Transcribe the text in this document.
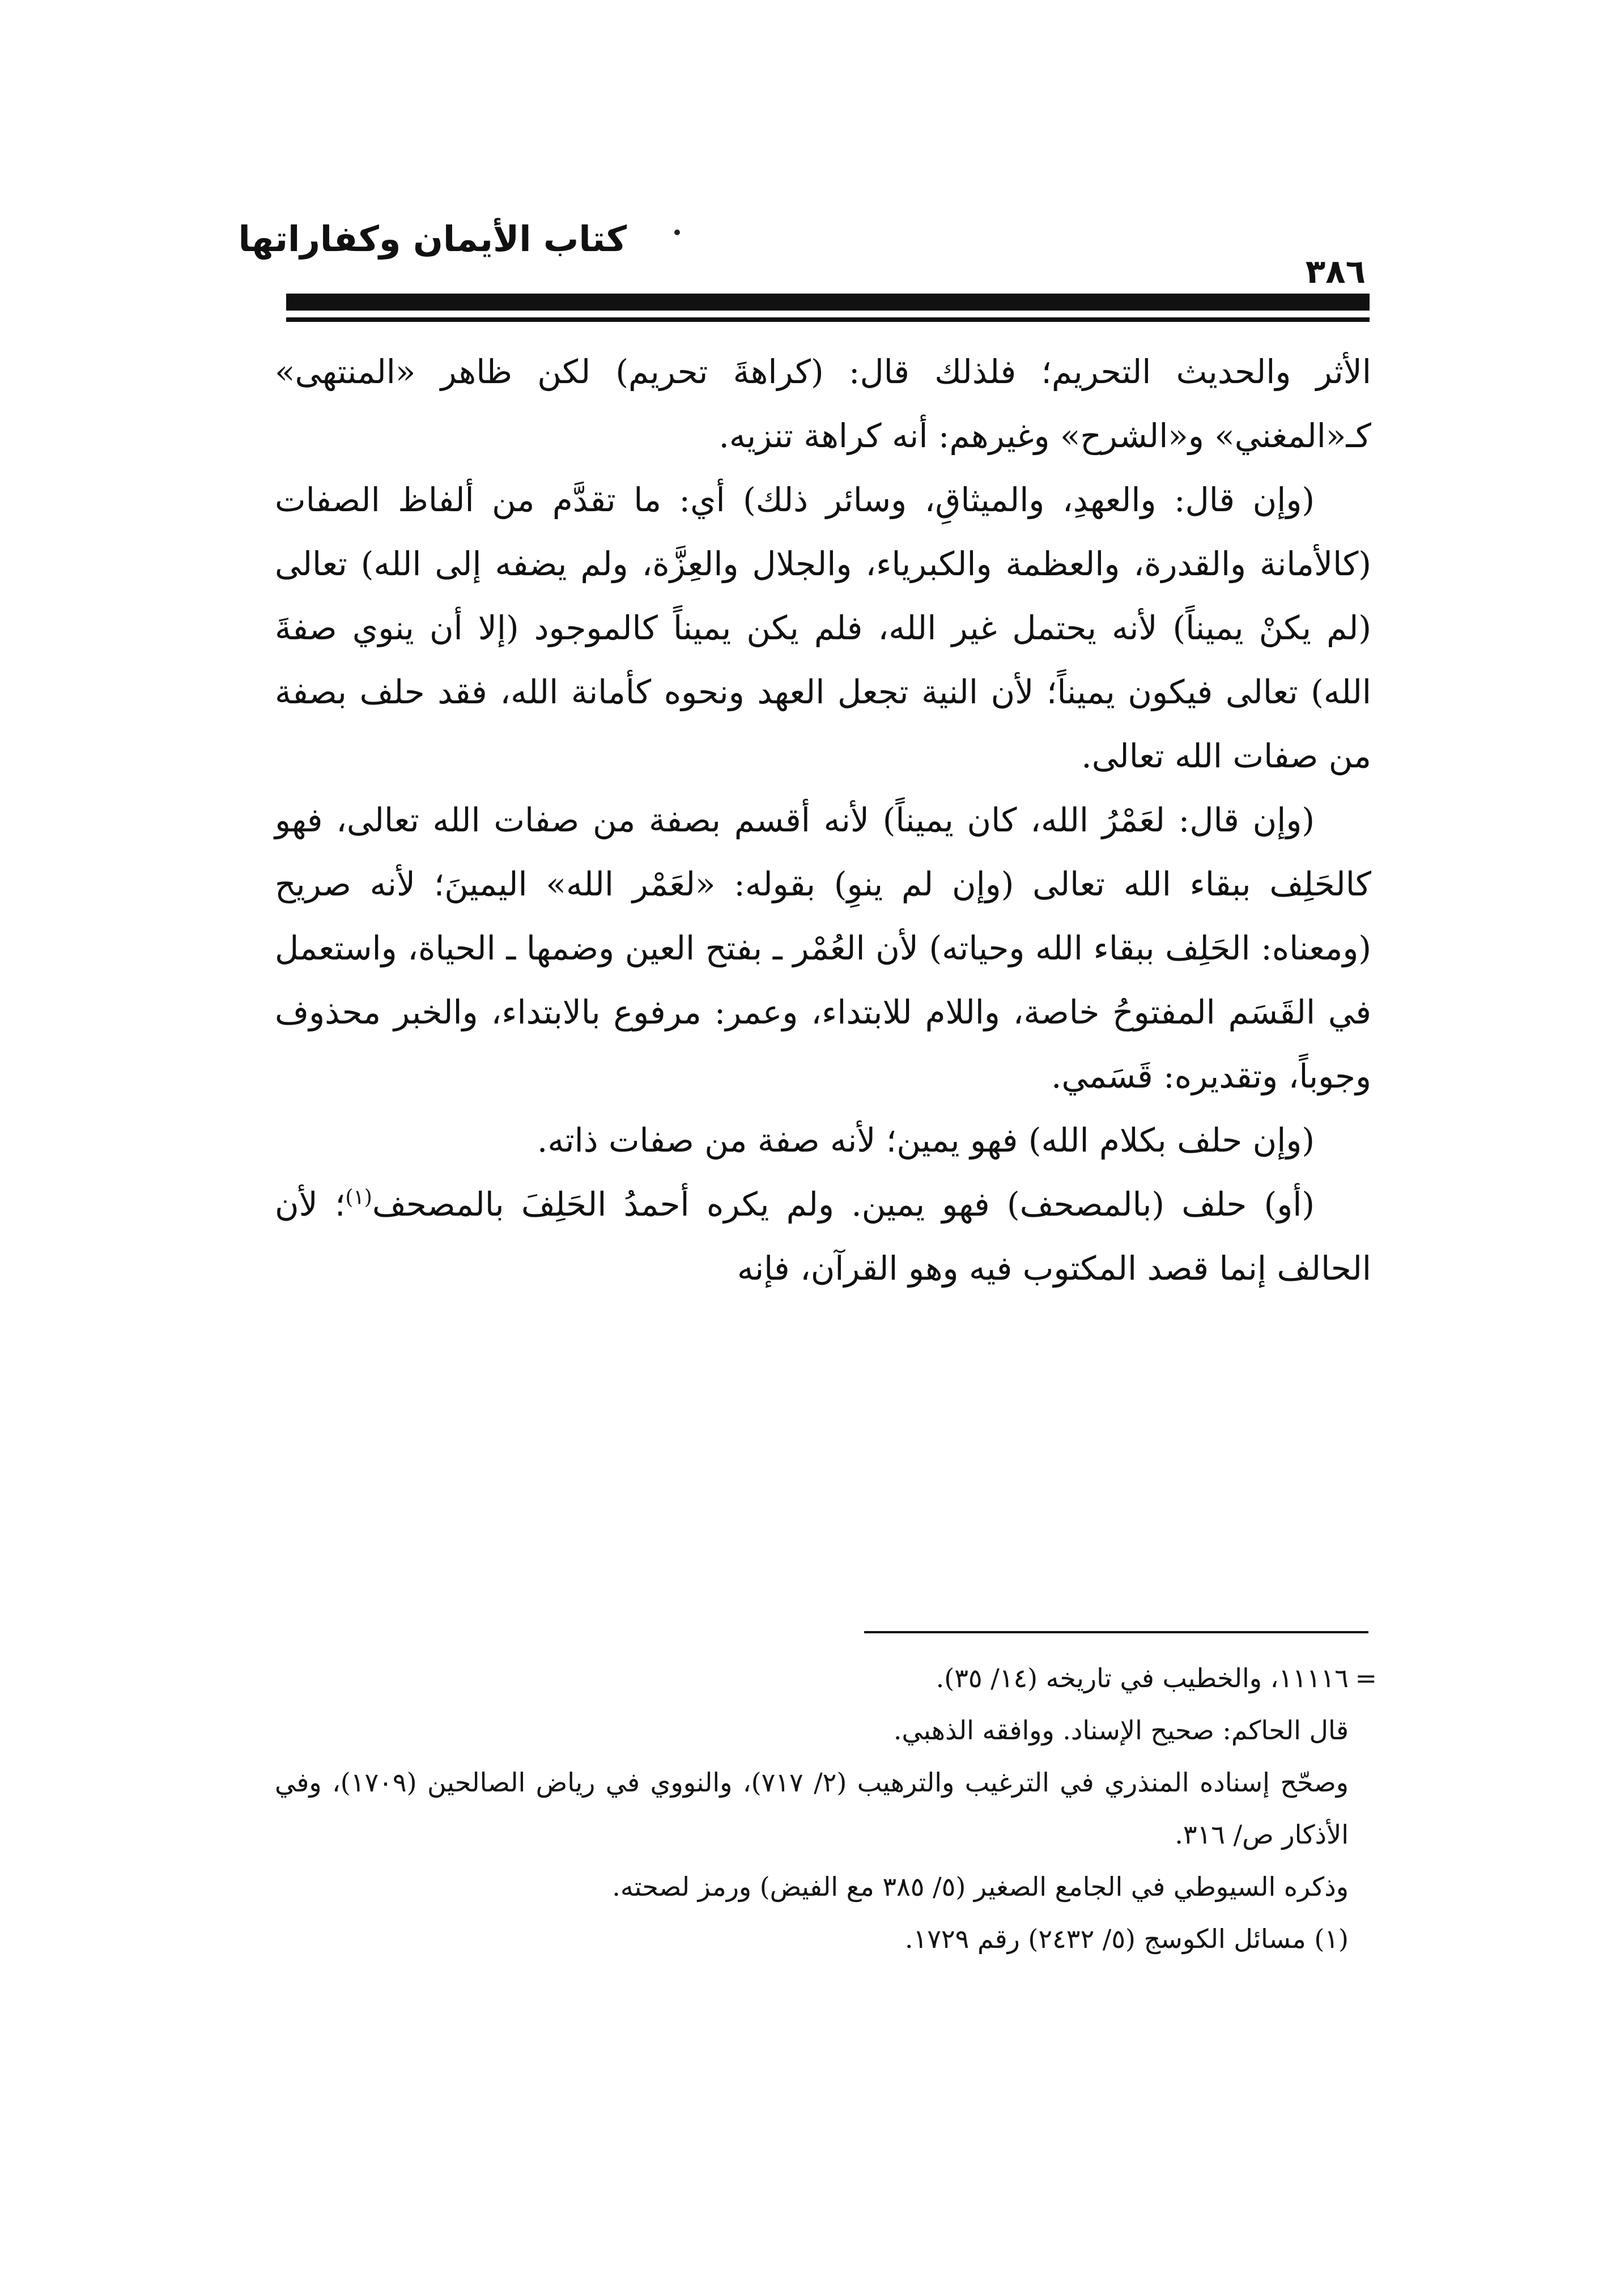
كتاب الأيمان وكفاراتها
٣٨٦

الأثر والحديث التحريم؛ فلذلك قال: (كراهةَ تحريم) لكن ظاهر «المنتهى» كـ«المغني» و«الشرح» وغيرهم: أنه كراهة تنزيه.

(وإن قال: والعهدِ، والميثاقِ، وسائر ذلك) أي: ما تقدَّم من ألفاظ الصفات (كالأمانة والقدرة، والعظمة والكبرياء، والجلال والعِزَّة، ولم يضفه إلى الله) تعالى (لم يكنْ يميناً) لأنه يحتمل غير الله، فلم يكن يميناً كالموجود (إلا أن ينوي صفةَ الله) تعالى فيكون يميناً؛ لأن النية تجعل العهد ونحوه كأمانة الله، فقد حلف بصفة من صفات الله تعالى.

(وإن قال: لعَمْرُ الله، كان يميناً) لأنه أقسم بصفة من صفات الله تعالى، فهو كالحَلِف ببقاء الله تعالى (وإن لم ينوِ) بقوله: «لعَمْر الله» اليمينَ؛ لأنه صريح (ومعناه: الحَلِف ببقاء الله وحياته) لأن العُمْر ـ بفتح العين وضمها ـ الحياة، واستعمل في القَسَم المفتوحُ خاصة، واللام للابتداء، وعمر: مرفوع بالابتداء، والخبر محذوف وجوباً، وتقديره: قَسَمي.

(وإن حلف بكلام الله) فهو يمين؛ لأنه صفة من صفات ذاته.

(أو) حلف (بالمصحف) فهو يمين. ولم يكره أحمدُ الحَلِفَ بالمصحف$^{(١)}$؛ لأن الحالف إنما قصد المكتوب فيه وهو القرآن، فإنه

=
١١١١٦، والخطيب في تاريخه (١٤/ ٣٥).

قال الحاكم: صحيح الإسناد. ووافقه الذهبي.

وصحّح إسناده المنذري في الترغيب والترهيب (٢/ ٧١٧)، والنووي في رياض الصالحين (١٧٠٩)، وفي الأذكار ص/ ٣١٦.

وذكره السيوطي في الجامع الصغير (٥/ ٣٨٥ مع الفيض) ورمز لصحته.

(١) مسائل الكوسج (٥/ ٢٤٣٢) رقم ١٧٢٩.
